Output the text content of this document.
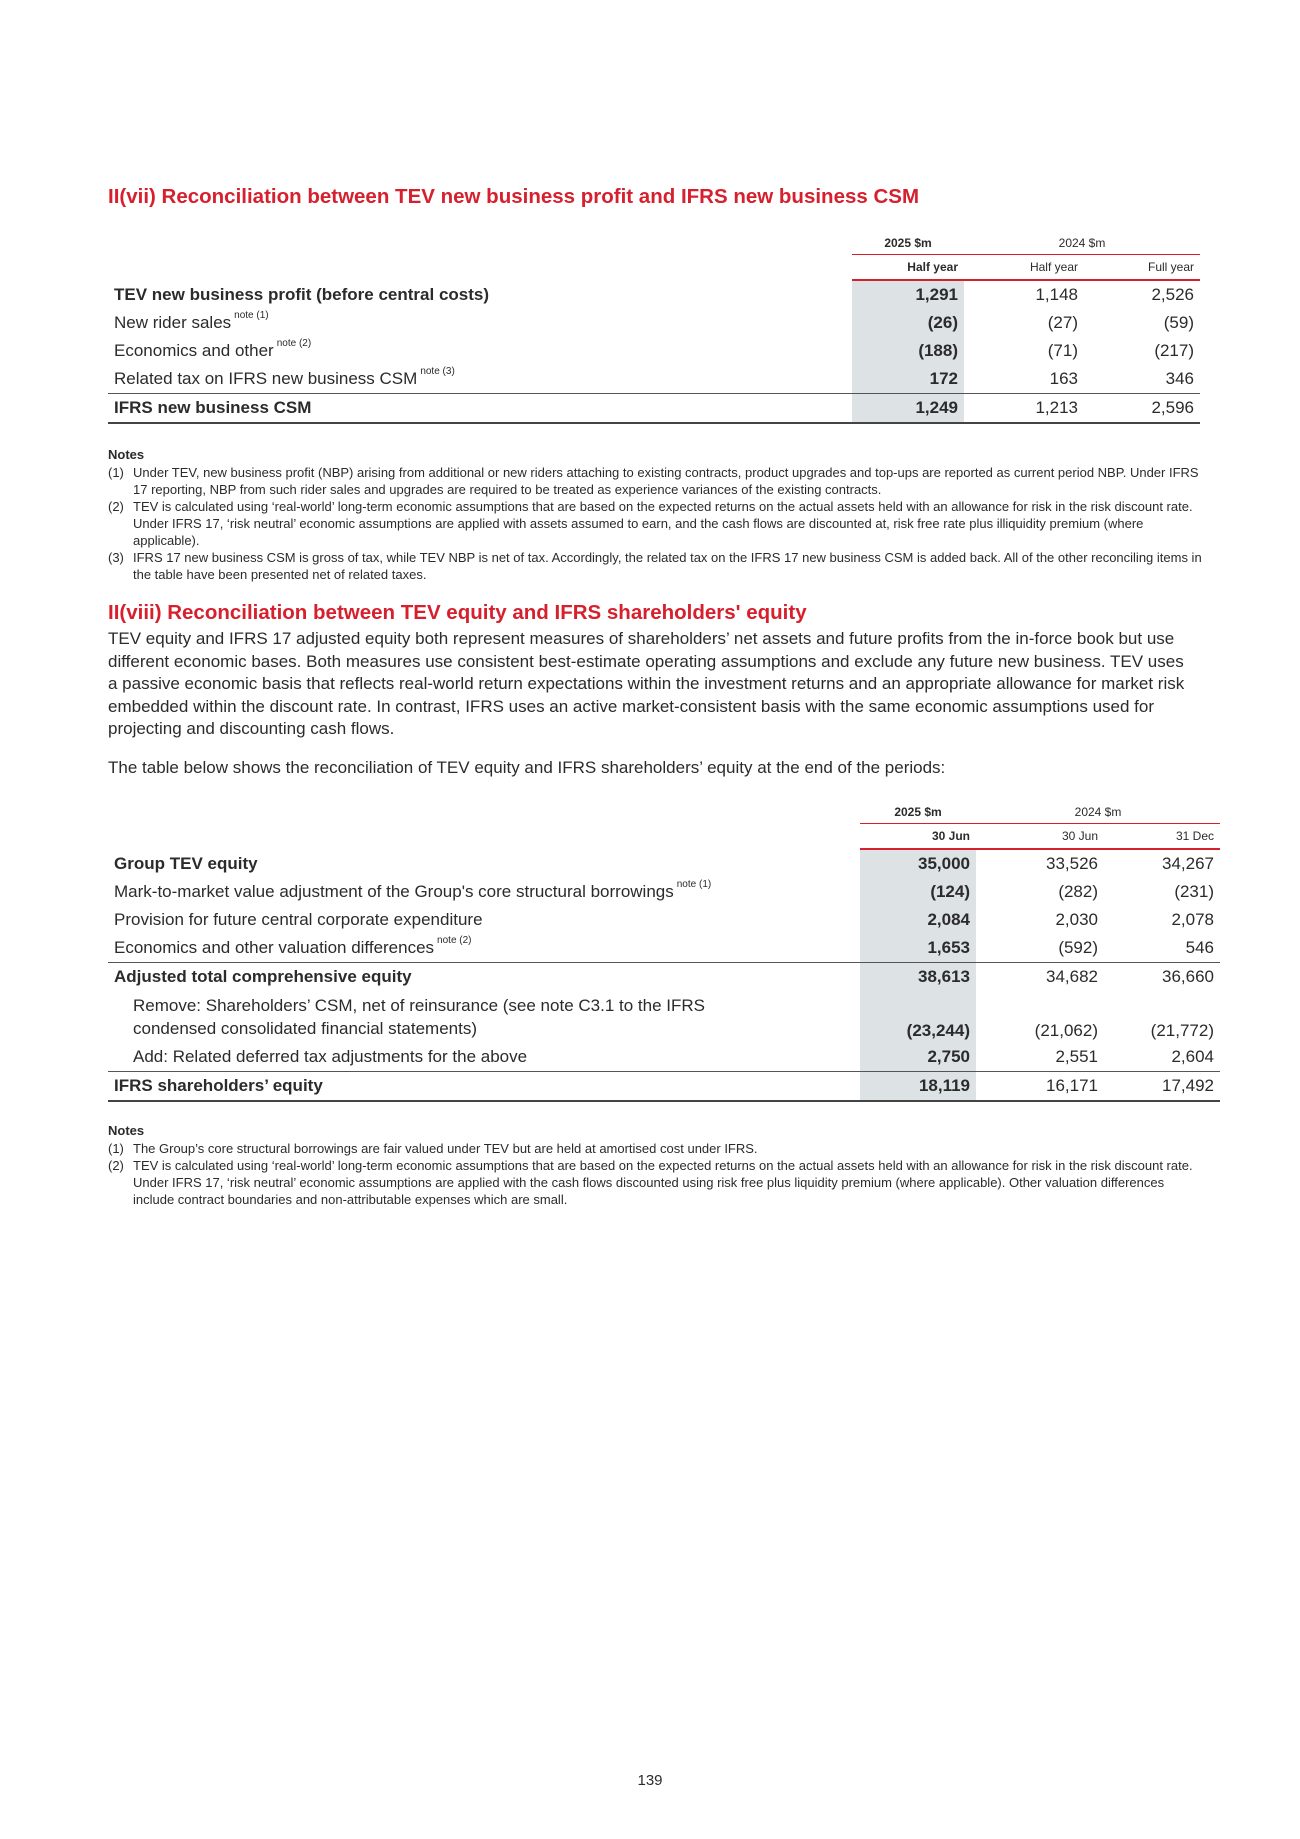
II(vii) Reconciliation between TEV new business profit and IFRS new business CSM
	2025 $m	2024 $m	
	Half year	Half year	Full year
TEV new business profit (before central costs)	1,291	1,148	2,526
New rider sales $^{note (1)}$	(26)	(27)	(59)
Economics and other $^{note (2)}$	(188)	(71)	(217)
Related tax on IFRS new business CSM $^{note (3)}$	172	163	346
IFRS new business CSM	1,249	1,213	2,596
Notes
(1) Under TEV, new business profit (NBP) arising from additional or new riders attaching to existing contracts, product upgrades and top-ups are reported as current period NBP. Under IFRS 17 reporting, NBP from such rider sales and upgrades are required to be treated as experience variances of the existing contracts.
(2) TEV is calculated using ‘real-world’ long-term economic assumptions that are based on the expected returns on the actual assets held with an allowance for risk in the risk discount rate. Under IFRS 17, ‘risk neutral’ economic assumptions are applied with assets assumed to earn, and the cash flows are discounted at, risk free rate plus illiquidity premium (where applicable).
(3) IFRS 17 new business CSM is gross of tax, while TEV NBP is net of tax. Accordingly, the related tax on the IFRS 17 new business CSM is added back. All of the other reconciling items in the table have been presented net of related taxes.
II(viii) Reconciliation between TEV equity and IFRS shareholders' equity

TEV equity and IFRS 17 adjusted equity both represent measures of shareholders’ net assets and future profits from the in-force book but use different economic bases. Both measures use consistent best-estimate operating assumptions and exclude any future new business. TEV uses a passive economic basis that reflects real-world return expectations within the investment returns and an appropriate allowance for market risk embedded within the discount rate. In contrast, IFRS uses an active market-consistent basis with the same economic assumptions used for projecting and discounting cash flows.

The table below shows the reconciliation of TEV equity and IFRS shareholders’ equity at the end of the periods:

	2025 $m	2024 $m	
	30 Jun	30 Jun	31 Dec
Group TEV equity	35,000	33,526	34,267
Mark-to-market value adjustment of the Group's core structural borrowings $^{note (1)}$	(124)	(282)	(231)
Provision for future central corporate expenditure	2,084	2,030	2,078
Economics and other valuation differences $^{note (2)}$	1,653	(592)	546
Adjusted total comprehensive equity	38,613	34,682	36,660
Remove: Shareholders’ CSM, net of reinsurance (see note C3.1 to the IFRS condensed consolidated financial statements)	(23,244)	(21,062)	(21,772)
Add: Related deferred tax adjustments for the above	2,750	2,551	2,604
IFRS shareholders’ equity	18,119	16,171	17,492
Notes
(1) The Group’s core structural borrowings are fair valued under TEV but are held at amortised cost under IFRS.
(2) TEV is calculated using ‘real-world’ long-term economic assumptions that are based on the expected returns on the actual assets held with an allowance for risk in the risk discount rate. Under IFRS 17, ‘risk neutral’ economic assumptions are applied with the cash flows discounted using risk free plus liquidity premium (where applicable). Other valuation differences include contract boundaries and non-attributable expenses which are small.
139
